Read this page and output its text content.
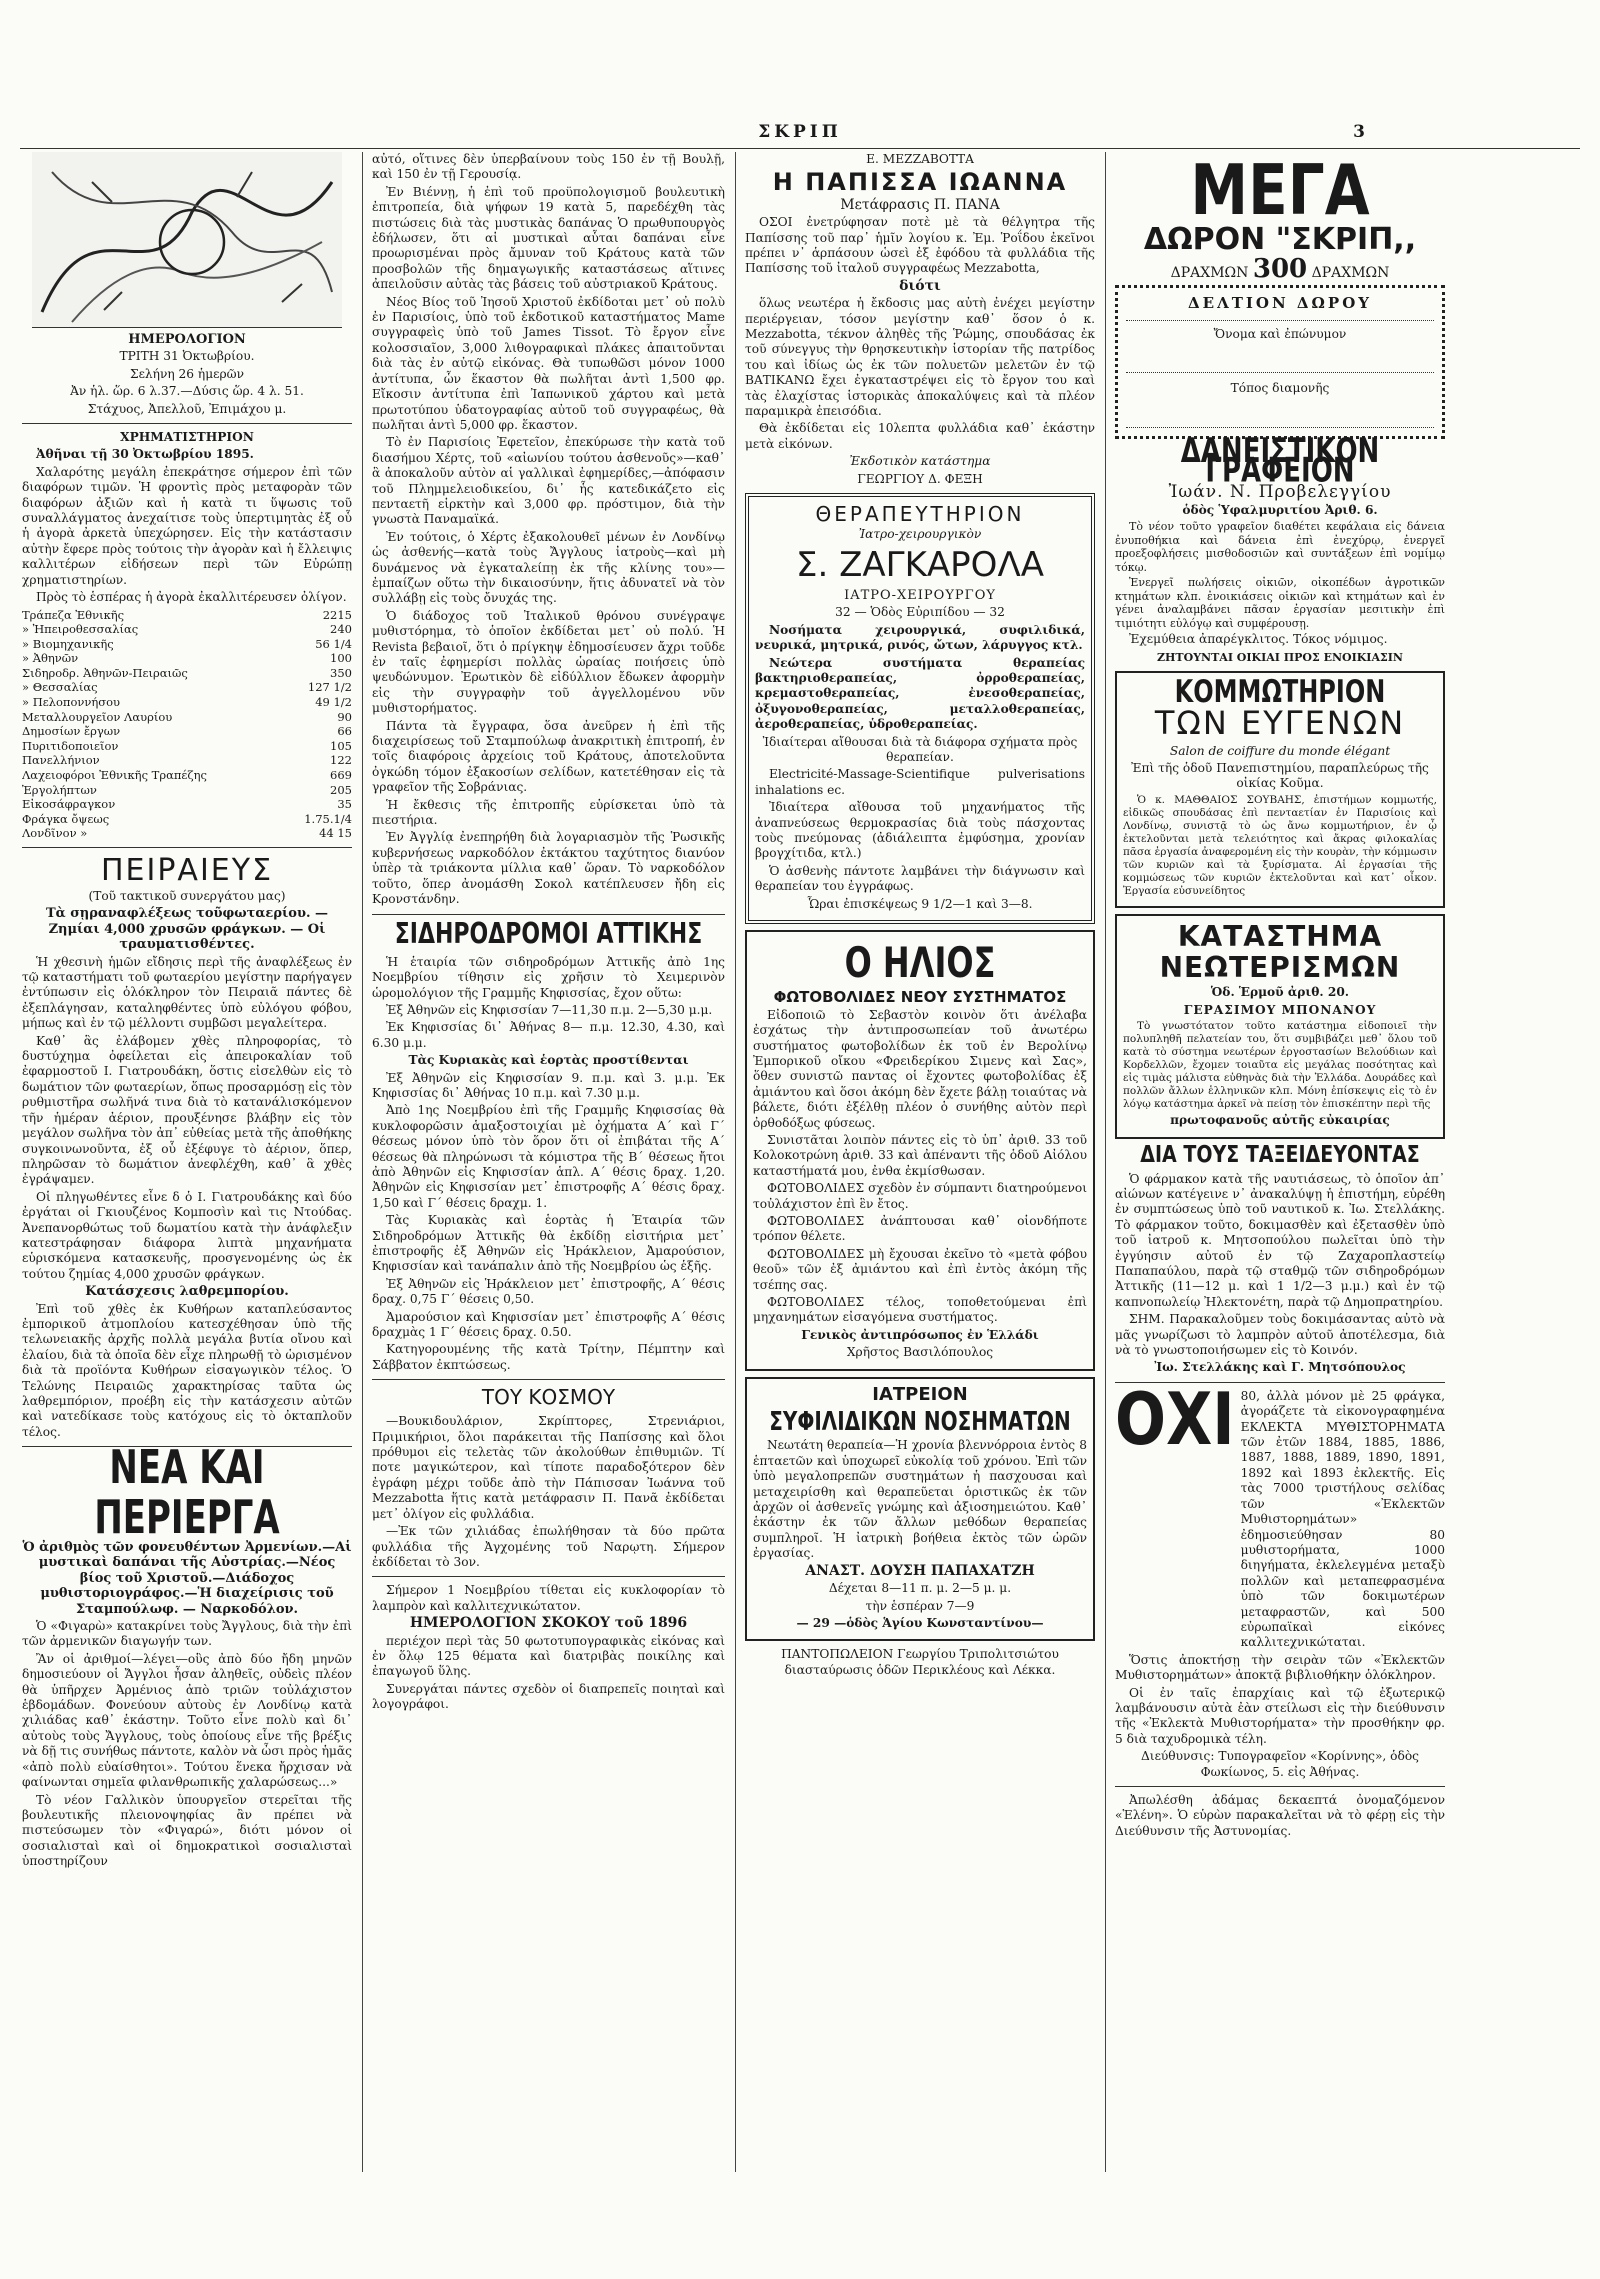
ΣΚΡΙΠ	3

ΗΜΕΡΟΛΟΓΙΟΝ

ΤΡΙΤΗ 31 Ὀκτωβρίου.

Σελήνη 26 ἡμερῶν

Ἀν ἡλ. ὥρ. 6 λ.37.—Δύσις ὥρ. 4 λ. 51.

Στάχυος, Ἀπελλοῦ, Ἐπιμάχου μ.

ΧΡΗΜΑΤΙΣΤΗΡΙΟΝ

Ἀθῆναι τῇ 30 Ὀκτωβρίου 1895.

Χαλαρότης μεγάλη ἐπεκράτησε σήμερον ἐπὶ τῶν διαφόρων τιμῶν. Ἡ φροντὶς πρὸς μεταφορὰν τῶν διαφόρων ἀξιῶν καὶ ἡ κατὰ τι ὕψωσις τοῦ συναλλάγματος ἀνεχαίτισε τοὺς ὑπερτιμητὰς ἐξ οὗ ἡ ἀγορὰ ἀρκετὰ ὑπεχώρησεν. Εἰς τὴν κατάστασιν αὐτὴν ἔφερε πρὸς τούτοις τὴν ἀγορὰν καὶ ἡ ἔλλειψις καλλιτέρων εἰδήσεων περὶ τῶν Εὐρώπῃ χρηματιστηρίων.

Πρὸς τὸ ἑσπέρας ἡ ἀγορὰ ἐκαλλιτέρευσεν ὀλίγον.

Τράπεζα Ἐθνικῆς	2215
» Ἠπειροθεσσαλίας	240
» Βιομηχανικῆς	56 1/4
» Ἀθηνῶν	100
Σιδηροδρ. Ἀθηνῶν-Πειραιῶς	350
» Θεσσαλίας	127 1/2
» Πελοποννήσου	49 1/2
Μεταλλουργεῖον Λαυρίου	90
Δημοσίων ἔργων	66
Πυριτιδοποιεῖον	105
Πανελλήνιον	122
Λαχειοφόροι Ἐθνικῆς Τραπέζης	669
Ἐργολήπτων	205
Εἰκοσάφραγκον	35
Φράγκα ὄψεως	1.75.1/4
Λονδῖνον »	44 15

ΠΕΙΡΑΙΕΥΣ

(Τοῦ τακτικοῦ συνεργάτου μας)

Τὰ σῃραναφλέξεως τοῦφωταερίου. — Ζημίαι 4,000 χρυσῶν φράγκων. — Οἱ τραυματισθέντες.

Ἡ χθεσινὴ ἡμῶν εἴδησις περὶ τῆς ἀναφλέξεως ἐν τῷ καταστήματι τοῦ φωταερίου μεγίστην παρήγαγεν ἐντύπωσιν εἰς ὁλόκληρον τὸν Πειραιᾶ πάντες δὲ ἐξεπλάγησαν, καταληφθέντες ὑπὸ εὐλόγου φόβου, μήπως καὶ ἐν τῷ μέλλοντι συμβῶσι μεγαλείτερα.

Καθ᾽ ἃς ἐλάβομεν χθὲς πληροφορίας, τὸ δυστύχημα ὀφείλεται εἰς ἀπειροκαλίαν τοῦ ἐφαρμοστοῦ Ι. Γιατρουδάκη, ὅστις εἰσελθὼν εἰς τὸ δωμάτιον τῶν φωταερίων, ὅπως προσαρμόσῃ εἰς τὸν ρυθμιστῆρα σωλῆνά τινα διὰ τὸ κατανάλισκόμενον τῆν ἡμέραν ἀέριον, προυξένησε βλάβην εἰς τὸν μεγάλον σωλῆνα τὸν ἀπ᾽ εὐθείας μετὰ τῆς ἀποθήκης συγκοινωνοῦντα, ἐξ οὗ ἐξέφυγε τὸ ἀέριον, ὅπερ, πληρῶσαν τὸ δωμάτιον ἀνεφλέχθη, καθ᾽ ἃ χθὲς ἐγράψαμεν.

Οἱ πληγωθέντες εἶνε δ ὁ Ι. Γιατρουδάκης καὶ δύο ἐργάται οἱ Γκιουζένος Κομποσὶν καὶ τις Ντούδας. Ἀνεπανορθώτως τοῦ δωματίου κατὰ τὴν ἀνάφλεξιν κατεστράφησαν διάφορα λιπτὰ μηχανήματα εὑρισκόμενα κατασκευῆς, προσγενομένης ὡς ἐκ τούτου ζημίας 4,000 χρυσῶν φράγκων.

Κατάσχεσις λαθρεμπορίου.

Ἐπὶ τοῦ χθὲς ἐκ Κυθήρων καταπλεύσαντος ἐμπορικοῦ ἀτμοπλοίου κατεσχέθησαν ὑπὸ τῆς τελωνειακῆς ἀρχῆς πολλὰ μεγάλα βυτία οἴνου καὶ ἐλαίου, διὰ τὰ ὁποῖα δὲν εἶχε πληρωθῇ τὸ ὡρισμένον διὰ τὰ προϊόντα Κυθήρων εἰσαγωγικὸν τέλος. Ὁ Τελώνης Πειραιῶς χαρακτηρίσας ταῦτα ὡς λαθρεμπόριον, προέβη εἰς τὴν κατάσχεσιν αὐτῶν καὶ νατεδίκασε τοὺς κατόχους εἰς τὸ ὀκταπλοῦν τέλος.

ΝΕΑ ΚΑΙ ΠΕΡΙΕΡΓΑ

Ὁ ἀριθμὸς τῶν φονευθέντων Ἀρμενίων.—Αἱ μυστικαὶ δαπάναι τῆς Αὐστρίας.—Νέος βίος τοῦ Χριστοῦ.—Διάδοχος μυθιστοριογράφος.—Ἡ διαχείρισις τοῦ Σταμπούλωφ. — Ναρκοδόλον.

Ὁ «Φιγαρὼ» κατακρίνει τοὺς Ἄγγλους, διὰ τὴν ἐπὶ τῶν ἀρμενικῶν διαγωγήν των.

Ἂν οἱ ἀριθμοί—λέγει—οὓς ἀπὸ δύο ἤδη μηνῶν δημοσιεύουν οἱ Ἄγγλοι ἦσαν ἀληθεῖς, οὐδεὶς πλέον θὰ ὑπῆρχεν Ἀρμένιος ἀπὸ τριῶν τοὐλάχιστον ἑβδομάδων. Φονεύουν αὐτοὺς ἐν Λονδίνῳ κατὰ χιλιάδας καθ᾽ ἑκάστην. Τοῦτο εἶνε πολὺ καὶ δι᾽ αὐτοὺς τοὺς Ἄγγλους, τοὺς ὁποίους εἶνε τῆς βρέξις νὰ δῇ τις συνήθως πάντοτε, καλὸν νὰ ὦσι πρὸς ἡμᾶς «ἀπὸ πολὺ εὐαίσθητοι». Τούτου ἕνεκα ἤρχισαν νὰ φαίνωνται σημεῖα φιλανθρωπικῆς χαλαρώσεως...»

Τὸ νέον Γαλλικὸν ὑπουργεῖον στερεῖται τῆς βουλευτικῆς πλειονοψηφίας ἂν πρέπει νὰ πιστεύσωμεν τὸν «Φιγαρώ», διότι μόνον οἱ σοσιαλισταὶ καὶ οἱ δημοκρατικοὶ σοσιαλισταὶ ὑποστηρίζουν

αὐτό, οἵτινες δὲν ὑπερβαίνουν τοὺς 150 ἐν τῇ Βουλῇ, καὶ 150 ἐν τῇ Γερουσίᾳ.

Ἐν Βιέννῃ, ἡ ἐπὶ τοῦ προϋπολογισμοῦ βουλευτικὴ ἐπιτροπεία, διὰ ψήφων 19 κατὰ 5, παρεδέχθη τὰς πιστώσεις διὰ τὰς μυστικὰς δαπάνας Ὁ πρωθυπουργὸς ἐδήλωσεν, ὅτι αἱ μυστικαὶ αὗται δαπάναι εἶνε προωρισμέναι πρὸς ἄμυναν τοῦ Κράτους κατὰ τῶν προσβολῶν τῆς δημαγωγικῆς καταστάσεως αἵτινες ἀπειλοῦσιν αὐτὰς τὰς βάσεις τοῦ αὐστριακοῦ Κράτους.

Νέος Βίος τοῦ Ἰησοῦ Χριστοῦ ἐκδίδοται μετ᾽ οὐ πολὺ ἐν Παρισίοις, ὑπὸ τοῦ ἐκδοτικοῦ καταστήματος Mame συγγραφεὶς ὑπὸ τοῦ James Tissot. Τὸ ἔργον εἶνε κολοσσιαῖον, 3,000 λιθογραφικαὶ πλάκες ἀπαιτοῦνται διὰ τὰς ἐν αὐτῷ εἰκόνας. Θὰ τυπωθῶσι μόνον 1000 ἀντίτυπα, ὧν ἕκαστον θὰ πωλῆται ἀντὶ 1,500 φρ. Εἴκοσιν ἀντίτυπα ἐπὶ Ἰαπωνικοῦ χάρτου καὶ μετὰ πρωτοτύπου ὑδατογραφίας αὐτοῦ τοῦ συγγραφέως, θὰ πωλῆται ἀντὶ 5,000 φρ. ἕκαστον.

Τὸ ἐν Παρισίοις Ἐφετεῖον, ἐπεκύρωσε τὴν κατὰ τοῦ διασήμου Χέρτς, τοῦ «αἰωνίου τούτου ἀσθενοῦς»—καθ᾽ ἃ ἀποκαλοῦν αὐτὸν αἱ γαλλικαὶ ἐφημερίδες,—ἀπόφασιν τοῦ Πλημμελειοδικείου, δι᾽ ἧς κατεδικάζετο εἰς πενταετῆ εἱρκτὴν καὶ 3,000 φρ. πρόστιμον, διὰ τὴν γνωστὰ Παναμαϊκά.

Ἐν τούτοις, ὁ Χέρτς ἐξακολουθεῖ μένων ἐν Λονδίνῳ ὡς ἀσθενής—κατὰ τοὺς Ἄγγλους ἰατροὺς—καὶ μὴ δυνάμενος νὰ ἐγκαταλείπῃ ἐκ τῆς κλίνης του»—ἐμπαίζων οὕτω τὴν δικαιοσύνην, ἥτις ἀδυνατεῖ νὰ τὸν συλλάβῃ εἰς τοὺς ὄνυχάς της.

Ὁ διάδοχος τοῦ Ἰταλικοῦ θρόνου συνέγραψε μυθιστόρημα, τὸ ὁποῖον ἐκδίδεται μετ᾽ οὐ πολύ. Ἡ Revista βεβαιοῖ, ὅτι ὁ πρίγκηψ ἐδημοσίευσεν ἄχρι τοῦδε ἐν ταῖς ἐφημερίσι πολλὰς ὡραίας ποιήσεις ὑπὸ ψευδώνυμον. Ἐρωτικὸν δὲ εἰδύλλιον ἔδωκεν ἀφορμὴν εἰς τὴν συγγραφὴν τοῦ ἀγγελλομένου νῦν μυθιστορήματος.

Πάντα τὰ ἔγγραφα, ὅσα ἀνεῦρεν ἡ ἐπὶ τῆς διαχειρίσεως τοῦ Σταμπούλωφ ἀνακριτικὴ ἐπιτροπή, ἐν τοῖς διαφόροις ἀρχείοις τοῦ Κράτους, ἀποτελοῦντα ὀγκώδη τόμον ἐξακοσίων σελίδων, κατετέθησαν εἰς τὰ γραφεῖον τῆς Σοβράνιας.

Ἡ ἔκθεσις τῆς ἐπιτροπῆς εὑρίσκεται ὑπὸ τὰ πιεστήρια.

Ἐν Ἀγγλίᾳ ἐνεπηρήθη διὰ λογαριασμὸν τῆς Ῥωσικῆς κυβερνήσεως ναρκοδόλον ἐκτάκτου ταχύτητος διανύον ὑπὲρ τὰ τριάκοντα μίλλια καθ᾽ ὥραν. Τὸ ναρκοδόλον τοῦτο, ὅπερ ἀνομάσθη Σοκολ κατέπλευσεν ἤδη εἰς Κρονστάνδην.

ΣΙΔΗΡΟΔΡΟΜΟΙ ΑΤΤΙΚΗΣ

Ἡ ἑταιρία τῶν σιδηροδρόμων Ἀττικῆς ἀπὸ 1ης Νοεμβρίου τίθησιν εἰς χρῆσιν τὸ Χειμερινὸν ὡρομολόγιον τῆς Γραμμῆς Κηφισσίας, ἔχον οὕτω:

Ἐξ Ἀθηνῶν εἰς Κηφισσίαν 7—11,30 π.μ. 2—5,30 μ.μ.

Ἐκ Κηφισσίας δι᾽ Ἀθήνας 8— π.μ. 12.30, 4.30, καὶ 6.30 μ.μ.

Τὰς Κυριακὰς καὶ ἑορτὰς προστίθενται

Ἐξ Ἀθηνῶν εἰς Κηφισσίαν 9. π.μ. καὶ 3. μ.μ. Ἐκ Κηφισσίας δι᾽ Ἀθήνας 10 π.μ. καὶ 7.30 μ.μ.

Ἀπὸ 1ης Νοεμβρίου ἐπὶ τῆς Γραμμῆς Κηφισσίας θὰ κυκλοφορῶσιν ἁμαξοστοιχίαι μὲ ὀχήματα Α΄ καὶ Γ΄ θέσεως μόνον ὑπὸ τὸν ὅρον ὅτι οἱ ἐπιβάται τῆς Α΄ θέσεως θὰ πληρώνωσι τὰ κόμιστρα τῆς Β΄ θέσεως ἤτοι ἀπὸ Ἀθηνῶν εἰς Κηφισσίαν ἁπλ. Α΄ θέσις δραχ. 1,20. Ἀθηνῶν εἰς Κηφισσίαν μετ᾽ ἐπιστροφῆς Α΄ θέσις δραχ. 1,50 καὶ Γ΄ θέσεις δραχμ. 1.

Τὰς Κυριακὰς καὶ ἑορτὰς ἡ Ἑταιρία τῶν Σιδηροδρόμων Ἀττικῆς θὰ ἐκδίδῃ εἰσιτήρια μετ᾽ ἐπιστροφῆς ἐξ Ἀθηνῶν εἰς Ἡράκλειον, Ἀμαρούσιον, Κηφισσίαν καὶ τανάπαλιν ἀπὸ τῆς Νοεμβρίου ὡς ἑξῆς.

Ἐξ Ἀθηνῶν εἰς Ἡράκλειον μετ᾽ ἐπιστροφῆς, Α΄ θέσις δραχ. 0,75 Γ΄ θέσεις 0,50.

Ἀμαρούσιον καὶ Κηφισσίαν μετ᾽ ἐπιστροφῆς Α΄ θέσις δραχμὰς 1 Γ΄ θέσεις δραχ. 0.50.

Κατηγορουμένης τῆς κατὰ Τρίτην, Πέμπτην καὶ Σάββατον ἐκπτώσεως.

ΤΟΥ ΚΟΣΜΟΥ

—Βουκιδουλάριον, Σκρίπτορες, Στρενιάριοι, Πριμικήριοι, ὅλοι παράκειται τῆς Παπίσσης καὶ ὅλοι πρόθυμοι εἰς τελετὰς τῶν ἀκολούθων ἐπιθυμιῶν. Τί ποτε μαγικώτερον, καὶ τίποτε παραδοξότερον δὲν ἐγράφη μέχρι τοῦδε ἀπὸ τὴν Πάπισσαν Ἰωάννα τοῦ Mezzabotta ἥτις κατὰ μετάφρασιν Π. Πανᾶ ἐκδίδεται μετ᾽ ὀλίγον εἰς φυλλάδια.

—Ἐκ τῶν χιλιάδας ἐπωλήθησαν τὰ δύο πρῶτα φυλλάδια τῆς Ἀγχομένης τοῦ Ναρῳτη. Σήμερον ἐκδίδεται τὸ 3ον.

Σήμερον 1 Νοεμβρίου τίθεται εἰς κυκλοφορίαν τὸ λαμπρὸν καὶ καλλιτεχνικώτατον.

ΗΜΕΡΟΛΟΓΙΟΝ ΣΚΟΚΟΥ τοῦ 1896

περιέχον περὶ τὰς 50 φωτοτυπογραφικὰς εἰκόνας καὶ ἐν ὅλῳ 125 θέματα καὶ διατριβὰς ποικίλης καὶ ἐπαγωγοῦ ὕλης.

Συνεργάται πάντες σχεδὸν οἱ διαπρεπεῖς ποιηταὶ καὶ λογογράφοι.

Ε. ΜΕΖΖΑΒΟΤΤΑ

Η ΠΑΠΙΣΣΑ ΙΩΑΝΝΑ

Μετάφρασις Π. ΠΑΝΑ

ΟΣΟΙ ἐνετρύφησαν ποτὲ μὲ τὰ θέλγητρα τῆς Παπίσσης τοῦ παρ᾽ ἡμῖν λογίου κ. Ἐμ. Ῥοΐδου ἐκεῖνοι πρέπει ν᾽ ἁρπάσουν ὡσεὶ ἐξ ἐφόδου τὰ φυλλάδια τῆς Παπίσσης τοῦ ἰταλοῦ συγγραφέως Mezzabotta,

διότι

ὅλως νεωτέρα ἡ ἔκδοσις μας αὐτὴ ἐνέχει μεγίστην περιέργειαν, τόσον μεγίστην καθ᾽ ὅσον ὁ κ. Mezzabotta, τέκνον ἀληθὲς τῆς Ῥώμης, σπουδάσας ἐκ τοῦ σύνεγγυς τὴν θρησκευτικὴν ἱστορίαν τῆς πατρίδος του καὶ ἰδίως ὡς ἐκ τῶν πολυετῶν μελετῶν ἐν τῷ ΒΑΤΙΚΑΝΩ ἔχει ἐγκαταστρέψει εἰς τὸ ἔργον του καὶ τὰς ἐλαχίστας ἱστορικὰς ἀποκαλύψεις καὶ τὰ πλέον παραμικρὰ ἐπεισόδια.

Θὰ ἐκδίδεται εἰς 10λεπτα φυλλάδια καθ᾽ ἑκάστην μετὰ εἰκόνων.

Ἐκδοτικὸν κατάστημα

ΓΕΩΡΓΙΟΥ Δ. ΦΕΞΗ

ΘΕΡΑΠΕΥΤΗΡΙΟΝ

Ἰατρο-χειρουργικὸν

Σ. ΖΑΓΚΑΡΟΛΑ

ΙΑΤΡΟ-ΧΕΙΡΟΥΡΓΟΥ

32 — Ὁδὸς Εὐριπίδου — 32

Νοσήματα χειρουργικά, συφιλιδικά, νευρικά, μητρικά, ρινός, ὤτων, λάρυγγος κτλ.

Νεώτερα συστήματα θεραπείας βακτηριοθεραπείας, ὀρροθεραπείας, κρεμαστοθεραπείας, ἐνεσοθεραπείας, ὀξυγονοθεραπείας, μεταλλοθεραπείας, ἀεροθεραπείας, ὑδροθεραπείας.

Ἰδιαίτεραι αἴθουσαι διὰ τὰ διάφορα σχήματα πρὸς θεραπείαν.

Electricité-Massage-Scientifique pulverisations inhalations ec.

Ἰδιαίτερα αἴθουσα τοῦ μηχανήματος τῆς ἀναπνεύσεως θερμοκρασίας διὰ τοὺς πάσχοντας τοὺς πνεύμονας (ἀδιάλειπτα ἐμφύσημα, χρονίαν βρογχίτιδα, κτλ.)

Ὁ ἀσθενὴς πάντοτε λαμβάνει τὴν διάγνωσιν καὶ θεραπείαν του ἐγγράφως.

Ὧραι ἐπισκέψεως 9 1/2—1 καὶ 3—8.

Ο ΗΛΙΟΣ

ΦΩΤΟΒΟΛΙΔΕΣ ΝΕΟΥ ΣΥΣΤΗΜΑΤΟΣ

Εἰδοποιῶ τὸ Σεβαστὸν κοινὸν ὅτι ἀνέλαβα ἐσχάτως τὴν ἀντιπροσωπείαν τοῦ ἀνωτέρω συστήματος φωτοβολίδων ἐκ τοῦ ἐν Βερολίνῳ Ἐμπορικοῦ οἴκου «Φρειδερίκου Σιμενς καὶ Σας», ὅθεν συνιστῶ παντας οἱ ἔχοντες φωτοβολίδας ἐξ ἀμιάντου καὶ ὅσοι ἀκόμη δὲν ἔχετε βάλῃ τοιαύτας νὰ βάλετε, διότι ἐξέλθῃ πλέον ὁ συνήθης αὐτὸν περὶ ὀρθοδόξως φύσεως.

Συνιστᾶται λοιπὸν πάντες εἰς τὸ ὑπ᾽ ἀριθ. 33 τοῦ Κολοκοτρώνη ἀριθ. 33 καὶ ἀπέναντι τῆς ὁδοῦ Αἰόλου καταστήματά μου, ἐνθα ἐκμίσθωσαν.

ΦΩΤΟΒΟΛΙΔΕΣ σχεδὸν ἐν σύμπαντι διατηρούμενοι τοὐλάχιστον ἐπὶ ἓν ἔτος.

ΦΩΤΟΒΟΛΙΔΕΣ ἀνάπτουσαι καθ᾽ οἱονδήποτε τρόπον θέλετε.

ΦΩΤΟΒΟΛΙΔΕΣ μὴ ἔχουσαι ἐκεῖνο τὸ «μετὰ φόβου θεοῦ» τῶν ἐξ ἀμιάντου καὶ ἐπὶ ἐντὸς ἀκόμη τῆς τσέπης σας.

ΦΩΤΟΒΟΛΙΔΕΣ τέλος, τοποθετούμεναι ἐπὶ μηχανημάτων εἰσαγόμενα συστήματος.

Γενικὸς ἀντιπρόσωπος ἐν Ἑλλάδι

Χρῆστος Βασιλόπουλος

ΙΑΤΡΕΙΟΝ

ΣΥΦΙΛΙΔΙΚΩΝ ΝΟΣΗΜΑΤΩΝ

Νεωτάτη θεραπεία—Ἡ χρονία βλεννόρροια ἐντὸς 8 ἑπταετῶν καὶ ὑποχωρεῖ εὐκολίᾳ τοῦ χρόνου. Ἐπὶ τῶν ὑπὸ μεγαλοπρεπῶν συστημάτων ἡ πασχουσαι καὶ μεταχειρίσθη καὶ θεραπεῦεται ὁριστικῶς ἐκ τῶν ἀρχῶν οἱ ἀσθενεῖς γνώμης καὶ ἀξιοσημειώτου. Καθ᾽ ἑκάστην ἐκ τῶν ἄλλων μεθόδων θεραπείας συμπληροῖ. Ἡ ἰατρικὴ βοήθεια ἐκτὸς τῶν ὡρῶν ἐργασίας.

ΑΝΑΣΤ. ΔΟΥΣΗ ΠΑΠΑΧΑΤΖΗ

Δέχεται 8—11 π. μ. 2—5 μ. μ.

τὴν ἑσπέραν 7—9

— 29 —ὁδὸς Ἁγίου Κωνσταντίνου—

ΠΑΝΤΟΠΩΛΕΙΟΝ Γεωργίου Τριπολιτσιώτου διασταύρωσις ὁδῶν Περικλέους καὶ Λέκκα.

ΜΕΓΑ

ΔΩΡΟΝ "ΣΚΡΙΠ,,

ΔΡΑΧΜΩΝ 300 ΔΡΑΧΜΩΝ

ΔΕΛΤΙΟΝ ΔΩΡΟΥ

Ὄνομα καὶ ἐπώνυμον

Τόπος διαμονῆς

ΔΑΝΕΙΣΤΙΚΟΝ ΓΡΑΦΕΙΟΝ

Ἰωάν. Ν. Προβελεγγίου

ὁδὸς Ὑφαλμυριτίου Ἀριθ. 6.

Τὸ νέον τοῦτο γραφεῖον διαθέτει κεφάλαια εἰς δάνεια ἐνυποθήκια καὶ δάνεια ἐπὶ ἐνεχύρῳ, ἐνεργεῖ προεξοφλήσεις μισθοδοσιῶν καὶ συντάξεων ἐπὶ νομίμῳ τόκῳ.

Ἐνεργεῖ πωλήσεις οἰκιῶν, οἰκοπέδων ἀγροτικῶν κτημάτων κλπ. ἐνοικιάσεις οἰκιῶν καὶ κτημάτων καὶ ἐν γένει ἀναλαμβάνει πᾶσαν ἐργασίαν μεσιτικὴν ἐπὶ τιμιότητι εὐλόγῳ καὶ συμφέρουσῃ.

Ἐχεμύθεια ἀπαρέγκλιτος. Τόκος νόμιμος.

ΖΗΤΟΥΝΤΑΙ ΟΙΚΙΑΙ ΠΡΟΣ ΕΝΟΙΚΙΑΣΙΝ

ΚΟΜΜΩΤΗΡΙΟΝ

ΤΩΝ ΕΥΓΕΝΩΝ

Salon de coiffure du monde élégant

Ἐπὶ τῆς ὁδοῦ Πανεπιστημίου, παραπλεύρως τῆς οἰκίας Κοῦμα.

Ὁ κ. ΜΑΘΘΑΙΟΣ ΣΟΥΒΑΗΣ, ἐπιστήμων κομμωτής, εἰδικῶς σπουδάσας ἐπὶ πενταετίαν ἐν Παρισίοις καὶ Λονδίνῳ, συνιστᾷ τὸ ὡς ἄνω κομμωτήριον, ἐν ᾧ ἐκτελοῦνται μετὰ τελειότητος καὶ ἄκρας φιλοκαλίας πᾶσα ἐργασία ἀναφερομένη εἰς τὴν κουρὰν, τὴν κόμμωσιν τῶν κυριῶν καὶ τὰ ξυρίσματα. Αἱ ἐργασίαι τῆς κομμώσεως τῶν κυριῶν ἐκτελοῦνται καὶ κατ᾽ οἶκον. Ἐργασία εὐσυνείδητος

ΚΑΤΑΣΤΗΜΑ ΝΕΩΤΕΡΙΣΜΩΝ

Ὁδ. Ἑρμοῦ ἀριθ. 20.

ΓΕΡΑΣΙΜΟΥ ΜΠΟΝΑΝΟΥ

Τὸ γνωστότατον τοῦτο κατάστημα εἰδοποιεῖ τὴν πολυπληθῆ πελατείαν του, ὅτι συμβιβάζει μεθ᾽ ὅλου τοῦ κατὰ τὸ σύστημα νεωτέρων ἐργοστασίων Βελούδιων καὶ Κορδελλῶν, ἔχομεν τοιαῦτα εἰς μεγάλας ποσότητας καὶ εἰς τιμὰς μάλιστα εὐθηνὰς διὰ τὴν Ἑλλάδα. Δουράδες καὶ πολλῶν ἄλλων ἑλληνικῶν κλπ. Μόνη ἐπίσκεψις εἰς τὸ ἐν λόγῳ κατάστημα ἀρκεῖ νὰ πείσῃ τὸν ἐπισκέπτην περὶ τῆς

πρωτοφανοῦς αὐτῆς εὐκαιρίας

ΔΙΑ ΤΟΥΣ ΤΑΞΕΙΔΕΥΟΝΤΑΣ

Ὁ φάρμακον κατὰ τῆς ναυτιάσεως, τὸ ὁποῖον ἀπ᾽ αἰώνων κατέγεινε ν᾽ ἀνακαλύψῃ ἡ ἐπιστήμη, εὑρέθη ἐν συμπτώσεως ὑπὸ τοῦ ναυτικοῦ κ. Ἰω. Στελλάκης. Τὸ φάρμακον τοῦτο, δοκιμασθὲν καὶ ἐξετασθὲν ὑπὸ τοῦ ἰατροῦ κ. Μητσοπούλου πωλεῖται ὑπὸ τὴν ἐγγύησιν αὐτοῦ ἐν τῷ Ζαχαροπλαστείῳ Παπαπαύλου, παρὰ τῷ σταθμῷ τῶν σιδηροδρόμων Ἀττικῆς (11—12 μ. καὶ 1 1/2—3 μ.μ.) καὶ ἐν τῷ καπνοπωλείῳ Ἠλεκτονέτη, παρὰ τῷ Δημοπρατηρίου.

ΣΗΜ. Παρακαλοῦμεν τοὺς δοκιμάσαντας αὐτὸ νὰ μᾶς γνωρίζωσι τὸ λαμπρὸν αὐτοῦ ἀποτέλεσμα, διὰ νὰ τὸ γνωστοποιήσωμεν εἰς τὸ Κοινόν.

Ἰω. Στελλάκης καὶ Γ. Μητσόπουλος

ΟΧΙ 80, ἀλλὰ μόνον μὲ 25 φράγκα, ἀγοράζετε τὰ εἰκονογραφημένα ΕΚΛΕΚΤΑ ΜΥΘΙΣΤΟΡΗΜΑΤΑ τῶν ἐτῶν 1884, 1885, 1886, 1887, 1888, 1889, 1890, 1891, 1892 καὶ 1893 ἐκλεκτῆς. Εἰς τὰς 7000 τριστήλους σελίδας τῶν «Ἐκλεκτῶν Μυθιστορημάτων» ἐδημοσιεύθησαν 80 μυθιστορήματα, 1000 διηγήματα, ἐκλελεγμένα μεταξὺ πολλῶν καὶ μεταπεφρασμένα ὑπὸ τῶν δοκιμωτέρων μεταφραστῶν, καὶ 500 εὐρωπαϊκαὶ εἰκόνες καλλιτεχνικώταται.

Ὅστις ἀποκτήσῃ τὴν σειρὰν τῶν «Ἐκλεκτῶν Μυθιστορημάτων» ἀποκτᾷ βιβλιοθήκην ὁλόκληρον.

Οἱ ἐν ταῖς ἐπαρχίαις καὶ τῷ ἐξωτερικῷ λαμβάνουσιν αὐτὰ ἐὰν στείλωσι εἰς τὴν διεύθυνσιν τῆς «Ἐκλεκτὰ Μυθιστορήματα» τὴν προσθήκην φρ. 5 διὰ ταχυδρομικὰ τέλη.

Διεύθυνσις: Τυπογραφεῖον «Κορίννης», ὁδὸς Φωκίωνος, 5. εἰς Ἀθήνας.

Ἀπωλέσθη ἀδάμας δεκαεπτά ὀνομαζόμενον «Ἑλένη». Ὁ εὑρὼν παρακαλεῖται νὰ τὸ φέρῃ εἰς τὴν Διεύθυνσιν τῆς Ἀστυνομίας.
